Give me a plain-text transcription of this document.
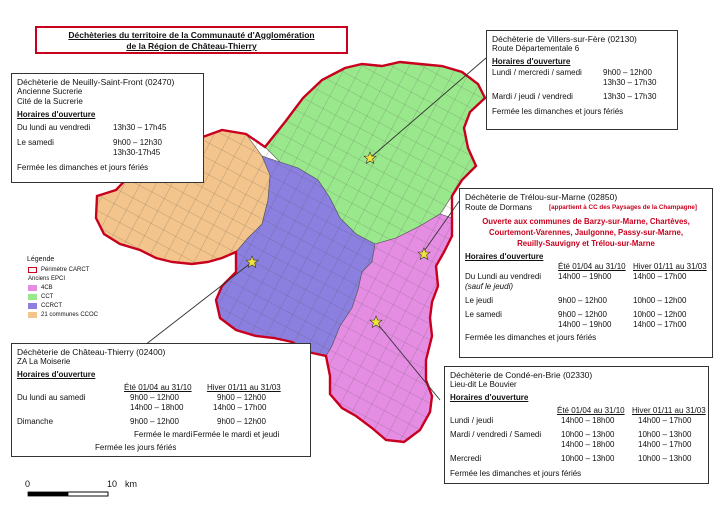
Déchèteries du territoire de la Communauté d'Agglomération
de la Région de Château-Thierry
Déchèterie de Neuilly-Saint-Front (02470)
Ancienne Sucrerie
Cité de la Sucrerie
Horaires d'ouverture
Du lundi au vendredi	13h30 – 17h45
Le samedi	9h00 – 12h30
13h30-17h45
Fermée les dimanches et jours fériés
Déchèterie de Villers-sur-Fère (02130)
Route Départementale 6
Horaires d'ouverture
Lundi / mercredi / samedi	9h00 – 12h00
13h30 – 17h30
Mardi / jeudi / vendredi	13h30 – 17h30
Fermée les dimanches et jours fériés
Déchèterie de Trélou-sur-Marne (02850)
Route de Dormans	[appartient à CC des Paysages de la Champagne]
Ouverte aux communes de Barzy-sur-Marne, Chartèves,
Courtemont-Varennes, Jaulgonne, Passy-sur-Marne,
Reuilly-Sauvigny et Trélou-sur-Marne
Horaires d'ouverture
Été 01/04 au 31/10 Hiver 01/11 au 31/03
Du Lundi au vendredi 14h00 – 19h00	14h00 – 17h00
(sauf le jeudi)
Le jeudi	9h00 – 12h00	10h00 – 12h00
Le samedi	9h00 – 12h00	10h00 – 12h00
14h00 – 19h00	14h00 – 17h00
Fermée les dimanches et jours fériés
Déchèterie de Château-Thierry (02400)
ZA La Moiserie
Horaires d'ouverture
Été 01/04 au 31/10 Hiver 01/11 au 31/03
Du lundi au samedi	9h00 – 12h00	9h00 – 12h00
14h00 – 18h00	14h00 – 17h00
Dimanche	9h00 – 12h00	9h00 – 12h00
Fermée le mardi Fermée le mardi et jeudi
Fermée les jours fériés
Déchèterie de Condé-en-Brie (02330)
Lieu-dit Le Bouvier
Horaires d'ouverture
Été 01/04 au 31/10 Hiver 01/11 au 31/03
Lundi / jeudi	14h00 – 18h00	14h00 – 17h00
Mardi / vendredi / Samedi 10h00 – 13h00	10h00 – 13h00
14h00 – 18h00	14h00 – 17h00
Mercredi	10h00 – 13h00	10h00 – 13h00
Fermée les dimanches et jours fériés
Légende
Périmètre CARCT
Anciens EPCI
4CB
CCT
CCRCT
21 communes CCOC
0	10 km
